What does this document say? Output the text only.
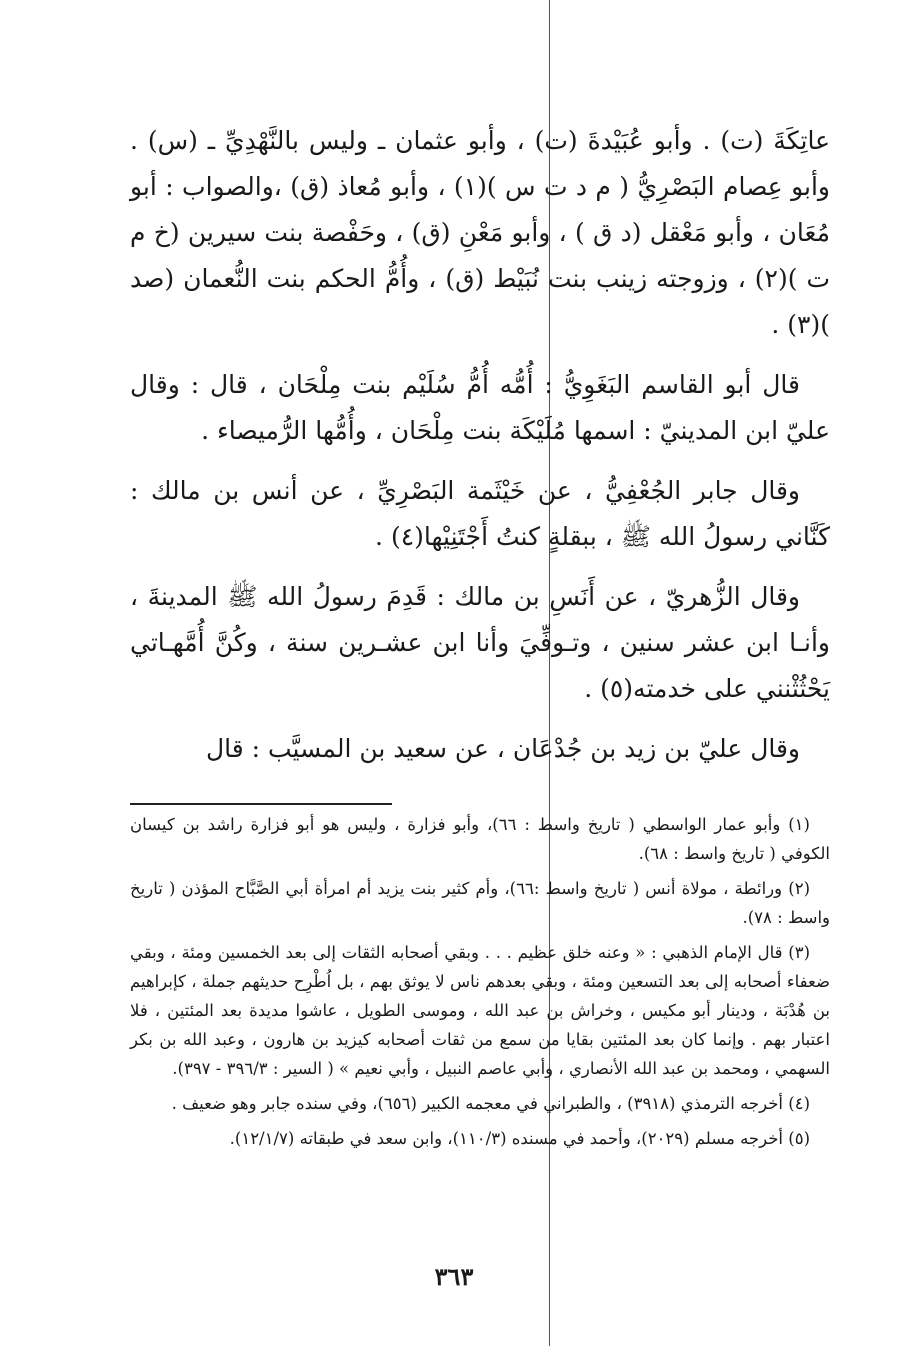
عاتِكَةَ (ت) . وأبو عُبَيْدةَ (ت) ، وأبو عثمان ـ وليس بالنَّهْدِيِّ ـ (س) . وأبو عِصام البَصْرِيُّ ( م د ت س )(١) ، وأبو مُعاذ (ق) ،والصواب : أبو مُعَان ، وأبو مَعْقل (د ق ) ، وأبو مَعْنِ (ق) ، وحَفْصة بنت سيرين (خ م ت )(٢) ، وزوجته زينب بنت نُبَيْط (ق) ، وأُمُّ الحكم بنت النُّعمان (صد )(٣) .

قال أبو القاسم البَغَوِيُّ : أُمُّه أُمُّ سُلَيْم بنت مِلْحَان ، قال : وقال عليّ ابن المدينيّ : اسمها مُلَيْكَة بنت مِلْحَان ، وأُمُّها الرُّميصاء .

وقال جابر الجُعْفِيُّ ، عن خَيْثَمة البَصْرِيِّ ، عن أنس بن مالك : كَنَّاني رسولُ الله ﷺ ، ببقلةٍ كنتُ أَجْتَنِيْها(٤) .

وقال الزُّهريّ ، عن أَنَسِ بن مالك : قَدِمَ رسولُ الله ﷺ المدينةَ ، وأنـا ابن عشر سنين ، وتـوفِّيَ وأنا ابن عشـرين سنة ، وكُنَّ أُمَّهـاتي يَحْثُثْنني على خدمته(٥) .

وقال عليّ بن زيد بن جُدْعَان ، عن سعيد بن المسيَّب : قال

(١) وأبو عمار الواسطي ( تاريخ واسط : ٦٦)، وأبو فزارة ، وليس هو أبو فزارة راشد بن كيسان الكوفي ( تاريخ واسط : ٦٨).

(٢) ورائطة ، مولاة أنس ( تاريخ واسط :٦٦)، وأم كثير بنت يزيد أم امرأة أبي الصَّبَّاح المؤذن ( تاريخ واسط : ٧٨).

(٣) قال الإمام الذهبي : « وعنه خلق عظيم . . . وبقي أصحابه الثقات إلى بعد الخمسين ومئة ، وبقي ضعفاء أصحابه إلى بعد التسعين ومئة ، وبقي بعدهم ناس لا يوثق بهم ، بل اُطْرِح حديثهم جملة ، كإبراهيم بن هُدْبَة ، ودينار أبو مكيس ، وخراش بن عبد الله ، وموسى الطويل ، عاشوا مديدة بعد المئتين ، فلا اعتبار بهم . وإنما كان بعد المئتين بقايا من سمع من ثقات أصحابه كيزيد بن هارون ، وعبد الله بن بكر السهمي ، ومحمد بن عبد الله الأنصاري ، وأبي عاصم النبيل ، وأبي نعيم » ( السير : ٣٩٦/٣ - ٣٩٧).

(٤) أخرجه الترمذي (٣٩١٨) ، والطبراني في معجمه الكبير (٦٥٦)، وفي سنده جابر وهو ضعيف .

(٥) أخرجه مسلم (٢٠٢٩)، وأحمد في مسنده (١١٠/٣)، وابن سعد في طبقاته (١٢/١/٧).

٣٦٣
